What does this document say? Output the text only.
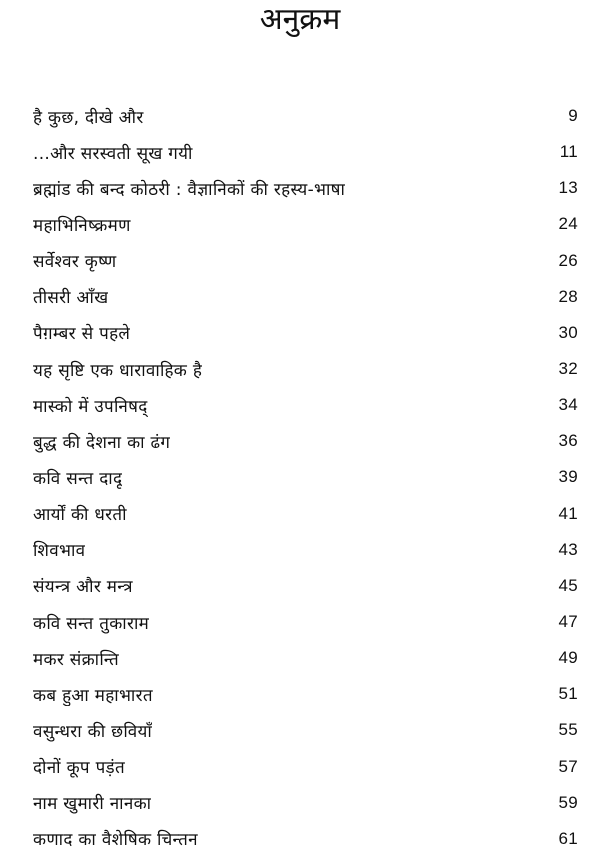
अनुक्रम
है कुछ, दीखे और	9
...और सरस्वती सूख गयी	11
ब्रह्मांड की बन्द कोठरी : वैज्ञानिकों की रहस्य-भाषा	13
महाभिनिष्क्रमण	24
सर्वेश्वर कृष्ण	26
तीसरी आँख	28
पैग़म्बर से पहले	30
यह सृष्टि एक धारावाहिक है	32
मास्को में उपनिषद्	34
बुद्ध की देशना का ढंग	36
कवि सन्त दादू	39
आर्यों की धरती	41
शिवभाव	43
संयन्त्र और मन्त्र	45
कवि सन्त तुकाराम	47
मकर संक्रान्ति	49
कब हुआ महाभारत	51
वसुन्धरा की छवियाँ	55
दोनों कूप पड़ंत	57
नाम खुमारी नानका	59
कणाद का वैशेषिक चिन्तन	61
